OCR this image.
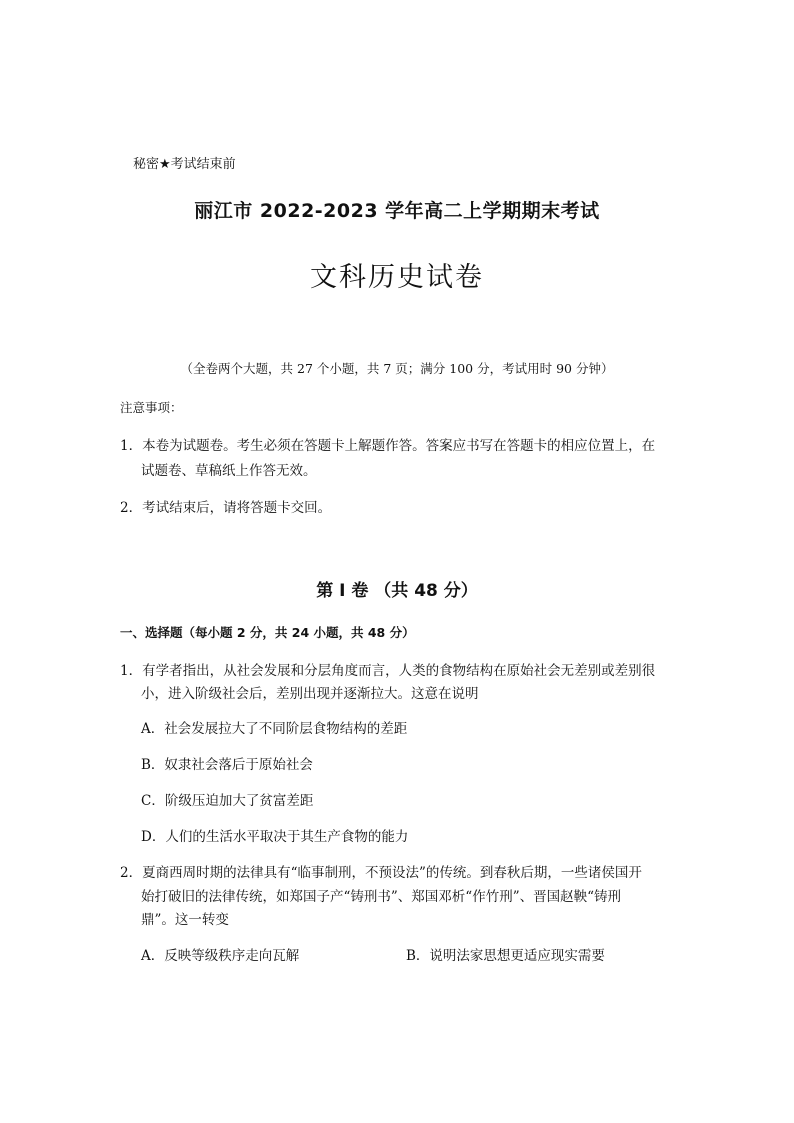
秘密★考试结束前
丽江市 2022-2023 学年高二上学期期末考试
文科历史试卷
（全卷两个大题，共 27 个小题，共 7 页；满分 100 分，考试用时 90 分钟）
注意事项：
1．本卷为试题卷。考生必须在答题卡上解题作答。答案应书写在答题卡的相应位置上，在
试题卷、草稿纸上作答无效。
2．考试结束后，请将答题卡交回。
第 I 卷 （共 48 分）
一、选择题（每小题 2 分，共 24 小题，共 48 分）
1．有学者指出，从社会发展和分层角度而言，人类的食物结构在原始社会无差别或差别很
小，进入阶级社会后，差别出现并逐渐拉大。这意在说明
A．社会发展拉大了不同阶层食物结构的差距
B．奴隶社会落后于原始社会
C．阶级压迫加大了贫富差距
D．人们的生活水平取决于其生产食物的能力
2．夏商西周时期的法律具有“临事制刑，不预设法”的传统。到春秋后期，一些诸侯国开
始打破旧的法律传统，如郑国子产“铸刑书”、郑国邓析“作竹刑”、晋国赵鞅“铸刑
鼎”。这一转变
A．反映等级秩序走向瓦解	B．说明法家思想更适应现实需要
